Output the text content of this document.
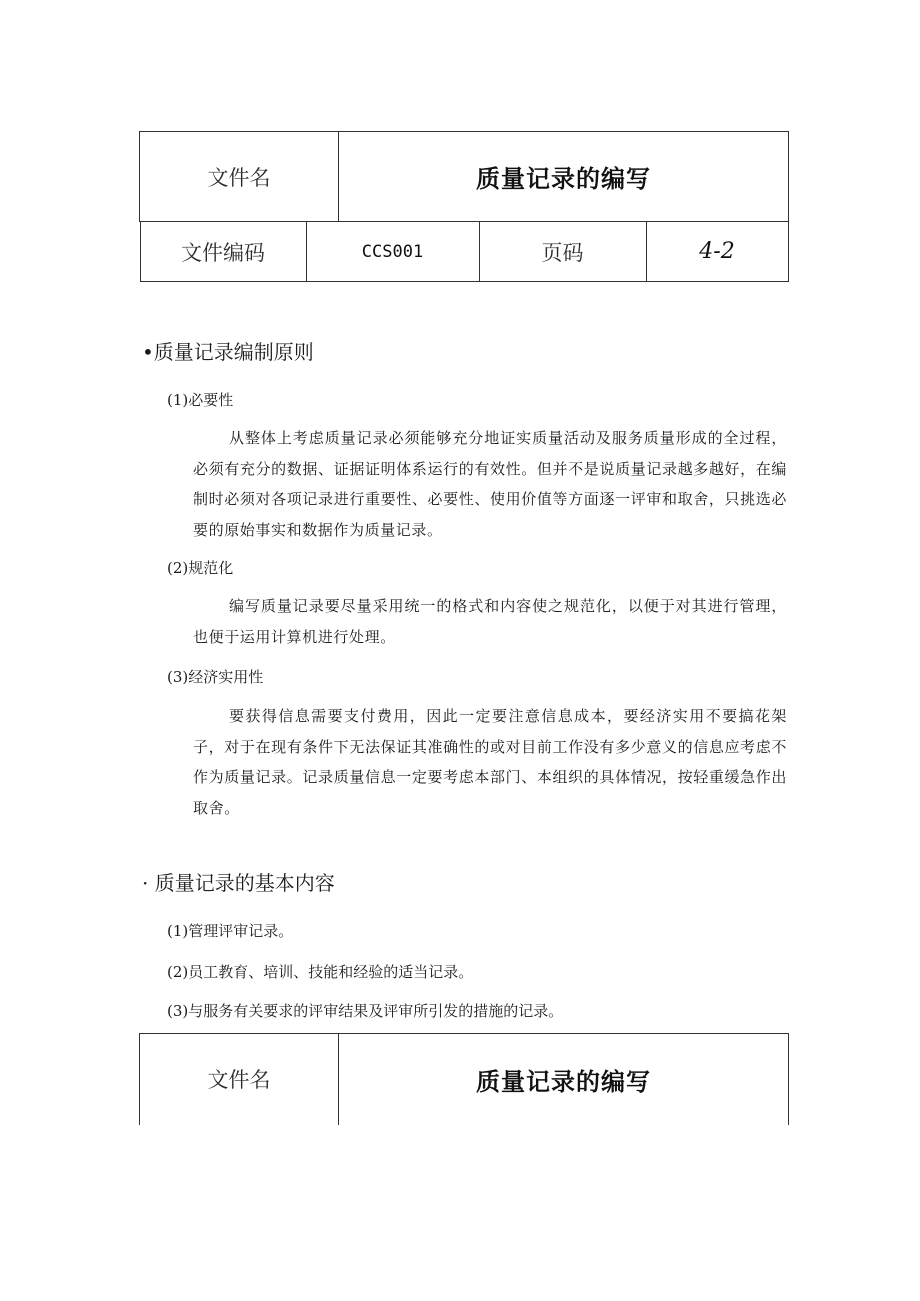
文件名	质量记录的编写

文件编码	CCS001	页码	4-2
•质量记录编制原则
(1)必要性
从整体上考虑质量记录必须能够充分地证实质量活动及服务质量形成的全过程，必须有充分的数据、证据证明体系运行的有效性。但并不是说质量记录越多越好，在编制时必须对各项记录进行重要性、必要性、使用价值等方面逐一评审和取舍，只挑选必要的原始事实和数据作为质量记录。
(2)规范化
编写质量记录要尽量采用统一的格式和内容使之规范化，以便于对其进行管理，也便于运用计算机进行处理。
(3)经济实用性
要获得信息需要支付费用，因此一定要注意信息成本，要经济实用不要搞花架子，对于在现有条件下无法保证其准确性的或对目前工作没有多少意义的信息应考虑不作为质量记录。记录质量信息一定要考虑本部门、本组织的具体情况，按轻重缓急作出取舍。
· 质量记录的基本内容
(1)管理评审记录。
(2)员工教育、培训、技能和经验的适当记录。
(3)与服务有关要求的评审结果及评审所引发的措施的记录。
文件名	质量记录的编写
